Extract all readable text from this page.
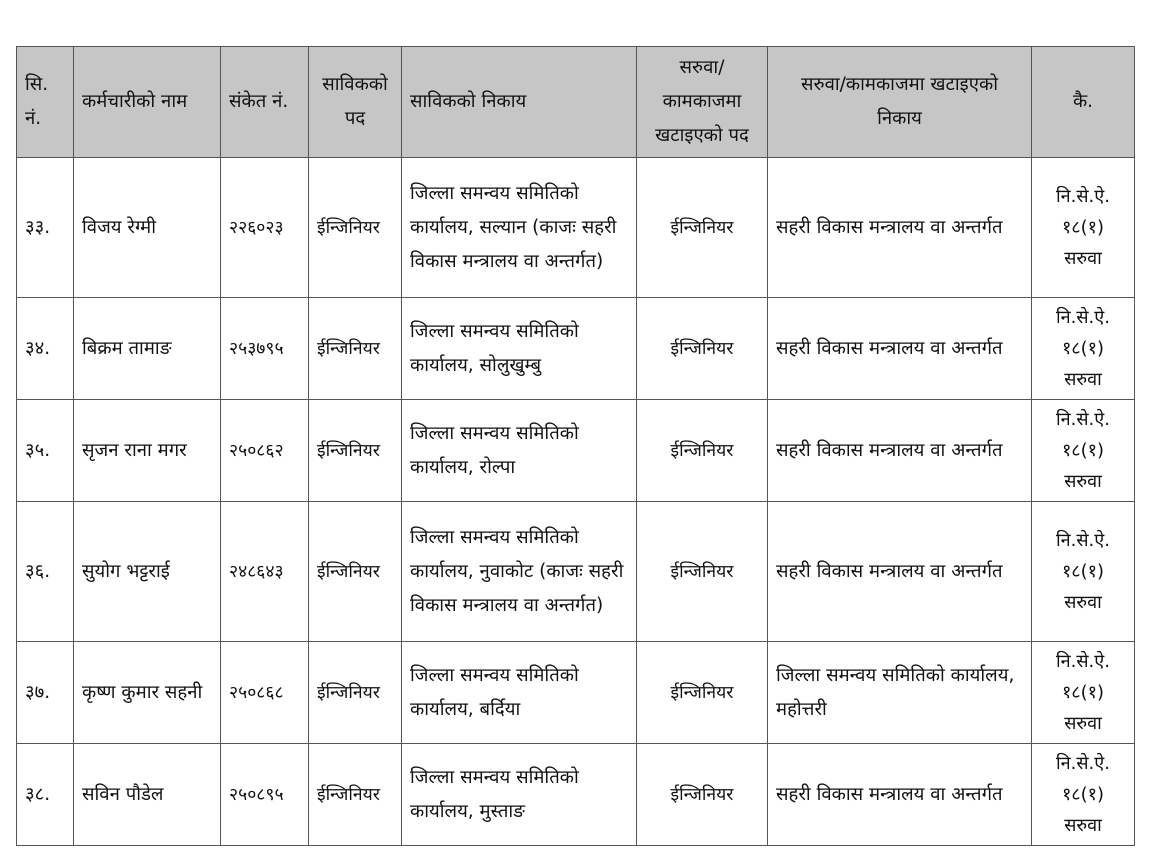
सि.
नं.	कर्मचारीको नाम	संकेत नं.	साविकको
पद	साविकको निकाय	सरुवा/
कामकाजमा
खटाइएको पद	सरुवा/कामकाजमा खटाइएको
निकाय	कै.
३३.	विजय रेग्मी	२२६०२३	ईन्जिनियर	जिल्ला समन्वय समितिको कार्यालय, सल्यान (काजः सहरी विकास मन्त्रालय वा अन्तर्गत)	ईन्जिनियर	सहरी विकास मन्त्रालय वा अन्तर्गत	नि.से.ऐ.
१८(१)
सरुवा

३४.	बिक्रम तामाङ	२५३७९५	ईन्जिनियर	जिल्ला समन्वय समितिको कार्यालय, सोलुखुम्बु	ईन्जिनियर	सहरी विकास मन्त्रालय वा अन्तर्गत	नि.से.ऐ.
१८(१)
सरुवा

३५.	सृजन राना मगर	२५०८६२	ईन्जिनियर	जिल्ला समन्वय समितिको कार्यालय, रोल्पा	ईन्जिनियर	सहरी विकास मन्त्रालय वा अन्तर्गत	नि.से.ऐ.
१८(१)
सरुवा

३६.	सुयोग भट्टराई	२४८६४३	ईन्जिनियर	जिल्ला समन्वय समितिको कार्यालय, नुवाकोट (काजः सहरी विकास मन्त्रालय वा अन्तर्गत)	ईन्जिनियर	सहरी विकास मन्त्रालय वा अन्तर्गत	नि.से.ऐ.
१८(१)
सरुवा

३७.	कृष्ण कुमार सहनी	२५०८६८	ईन्जिनियर	जिल्ला समन्वय समितिको कार्यालय, बर्दिया	ईन्जिनियर	जिल्ला समन्वय समितिको कार्यालय, महोत्तरी	नि.से.ऐ.
१८(१)
सरुवा

३८.	सविन पौडेल	२५०८९५	ईन्जिनियर	जिल्ला समन्वय समितिको कार्यालय, मुस्ताङ	ईन्जिनियर	सहरी विकास मन्त्रालय वा अन्तर्गत	नि.से.ऐ.
१८(१)
सरुवा
